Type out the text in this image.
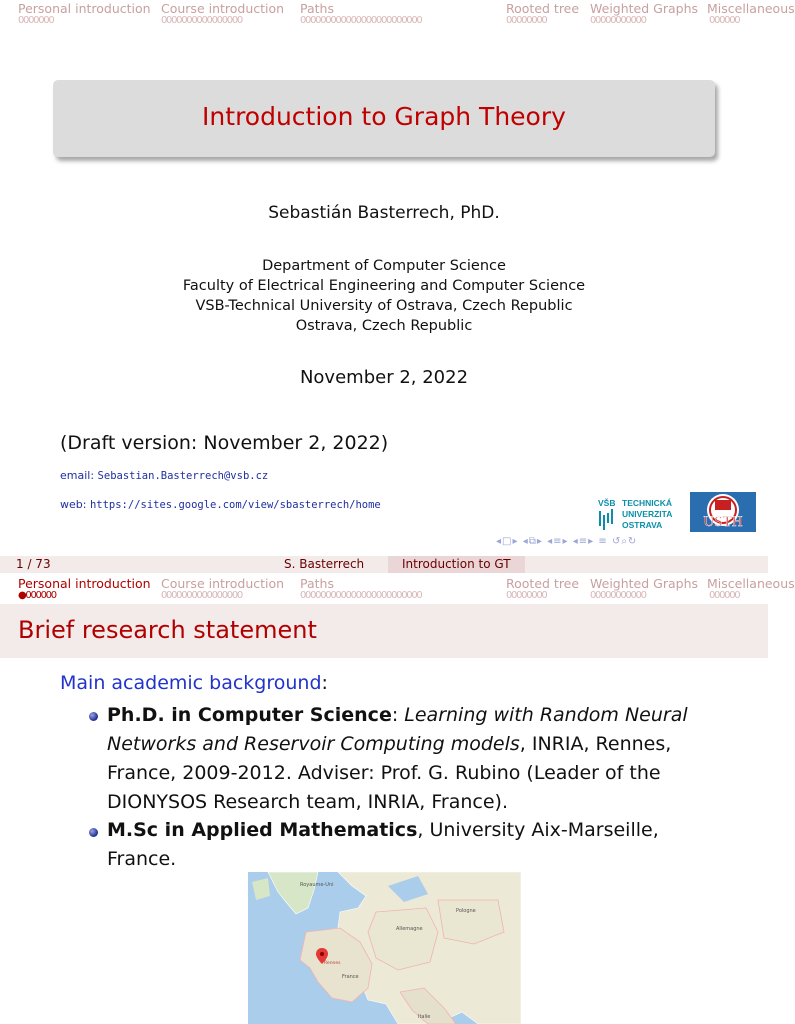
Personal introduction Course introduction Paths	Rooted tree Weighted Graphs Miscellaneous
0000000	0000000000000000	000000000000000000000000	00000000	00000000000	000000
Introduction to Graph Theory
Sebastián Basterrech, PhD.
Department of Computer Science
Faculty of Electrical Engineering and Computer Science
VSB-Technical University of Ostrava, Czech Republic
Ostrava, Czech Republic
November 2, 2022
(Draft version: November 2, 2022)
email: Sebastian.Basterrech@vsb.cz
web: https://sites.google.com/view/sbasterrech/home	VŠB TECHNICKÁ
UNIVERZITA
OSTRAVA	USTH
◂□▸ ◂⧉▸ ◂≡▸ ◂≡▸ ≡ ↺⌕↻
1 / 73	S. Basterrech	Introduction to GT
Personal introduction Course introduction Paths	Rooted tree Weighted Graphs Miscellaneous
●000000	0000000000000000	000000000000000000000000	00000000	00000000000	000000
Brief research statement
Main academic background:
Ph.D. in Computer Science: Learning with Random Neural Networks and Reservoir Computing models, INRIA, Rennes, France, 2009-2012. Adviser: Prof. G. Rubino (Leader of the DIONYSOS Research team, INRIA, France).
M.Sc in Applied Mathematics, University Aix-Marseille, France.
Royaume-Uni
Pologne
Allemagne
Rennes
France
Italie
